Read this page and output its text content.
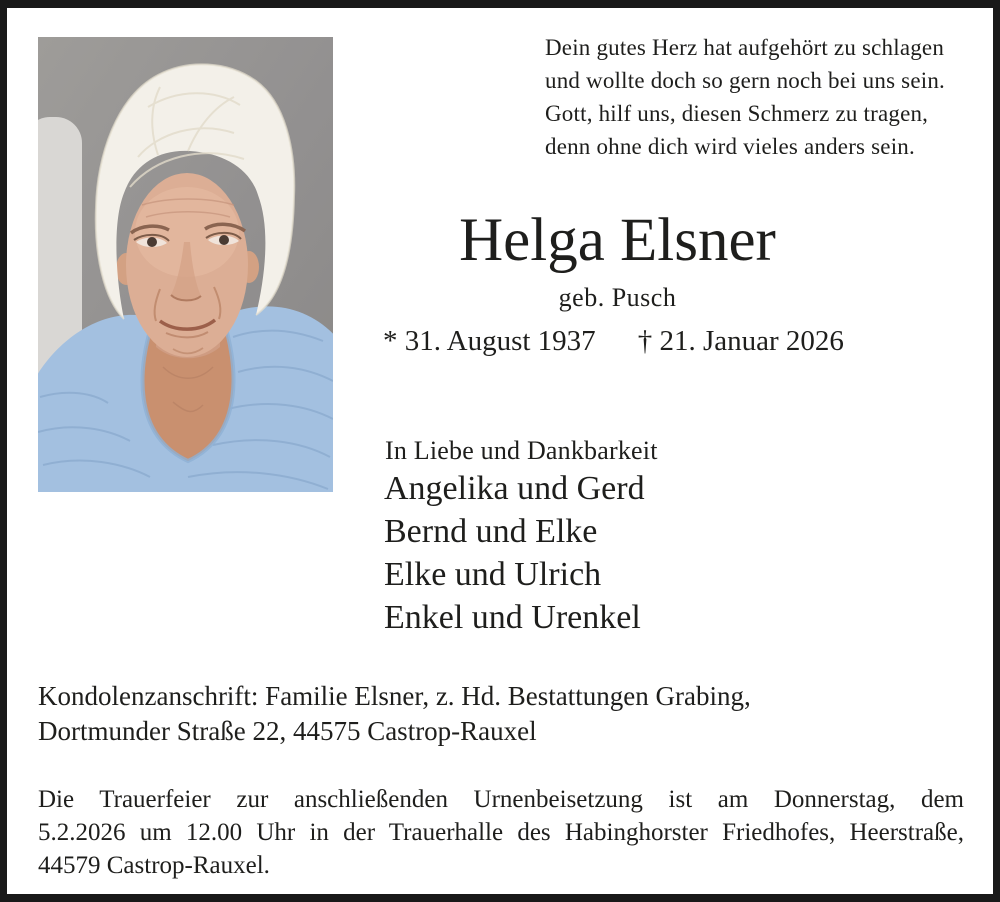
Dein gutes Herz hat aufgehört zu schlagen
und wollte doch so gern noch bei uns sein.
Gott, hilf uns, diesen Schmerz zu tragen,
denn ohne dich wird vieles anders sein.
Helga Elsner
geb. Pusch
* 31. August 1937 † 21. Januar 2026
In Liebe und Dankbarkeit
Angelika und Gerd
Bernd und Elke
Elke und Ulrich
Enkel und Urenkel
Kondolenzanschrift: Familie Elsner, z. Hd. Bestattungen Grabing,
Dortmunder Straße 22, 44575 Castrop-Rauxel
Die Trauerfeier zur anschließenden Urnenbeisetzung ist am Donnerstag, dem
5.2.2026 um 12.00 Uhr in der Trauerhalle des Habinghorster Friedhofes, Heerstraße,
44579 Castrop-Rauxel.
